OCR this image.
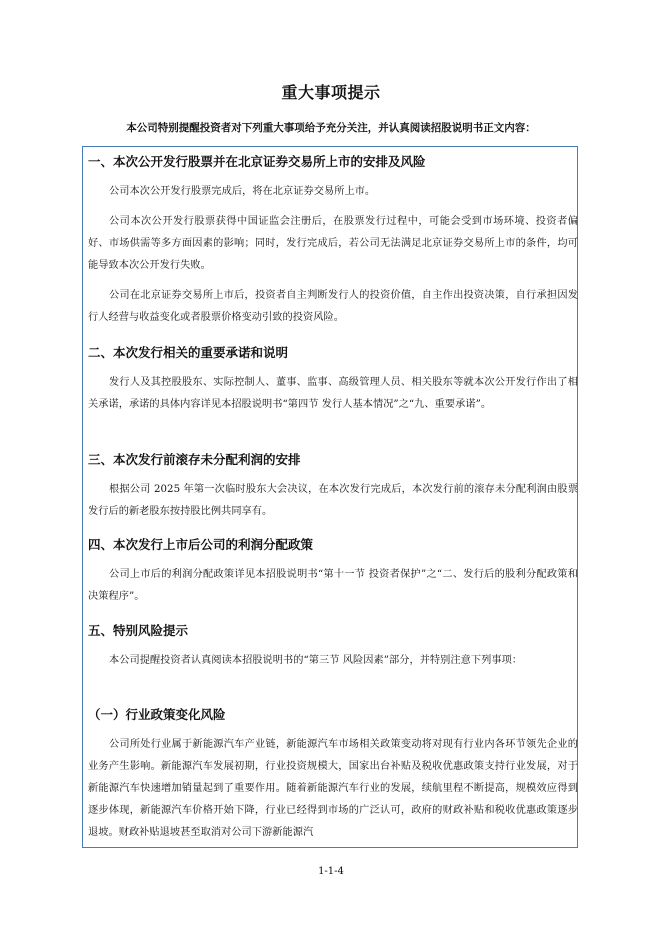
重大事项提示
本公司特别提醒投资者对下列重大事项给予充分关注，并认真阅读招股说明书正文内容：
一、本次公开发行股票并在北京证券交易所上市的安排及风险

公司本次公开发行股票完成后，将在北京证券交易所上市。

公司本次公开发行股票获得中国证监会注册后，在股票发行过程中，可能会受到市场环境、投资者偏好、市场供需等多方面因素的影响；同时，发行完成后，若公司无法满足北京证券交易所上市的条件，均可能导致本次公开发行失败。

公司在北京证券交易所上市后，投资者自主判断发行人的投资价值，自主作出投资决策，自行承担因发行人经营与收益变化或者股票价格变动引致的投资风险。

二、本次发行相关的重要承诺和说明

发行人及其控股股东、实际控制人、董事、监事、高级管理人员、相关股东等就本次公开发行作出了相关承诺，承诺的具体内容详见本招股说明书“第四节 发行人基本情况”之“九、重要承诺”。

三、本次发行前滚存未分配利润的安排

根据公司 2025 年第一次临时股东大会决议，在本次发行完成后，本次发行前的滚存未分配利润由股票发行后的新老股东按持股比例共同享有。

四、本次发行上市后公司的利润分配政策

公司上市后的利润分配政策详见本招股说明书“第十一节 投资者保护”之“二、发行后的股利分配政策和决策程序”。

五、特别风险提示

本公司提醒投资者认真阅读本招股说明书的“第三节 风险因素”部分，并特别注意下列事项：

（一）行业政策变化风险

公司所处行业属于新能源汽车产业链，新能源汽车市场相关政策变动将对现有行业内各环节领先企业的业务产生影响。新能源汽车发展初期，行业投资规模大，国家出台补贴及税收优惠政策支持行业发展，对于新能源汽车快速增加销量起到了重要作用。随着新能源汽车行业的发展，续航里程不断提高，规模效应得到逐步体现，新能源汽车价格开始下降，行业已经得到市场的广泛认可，政府的财政补贴和税收优惠政策逐步退坡。财政补贴退坡甚至取消对公司下游新能源汽

1-1-4
